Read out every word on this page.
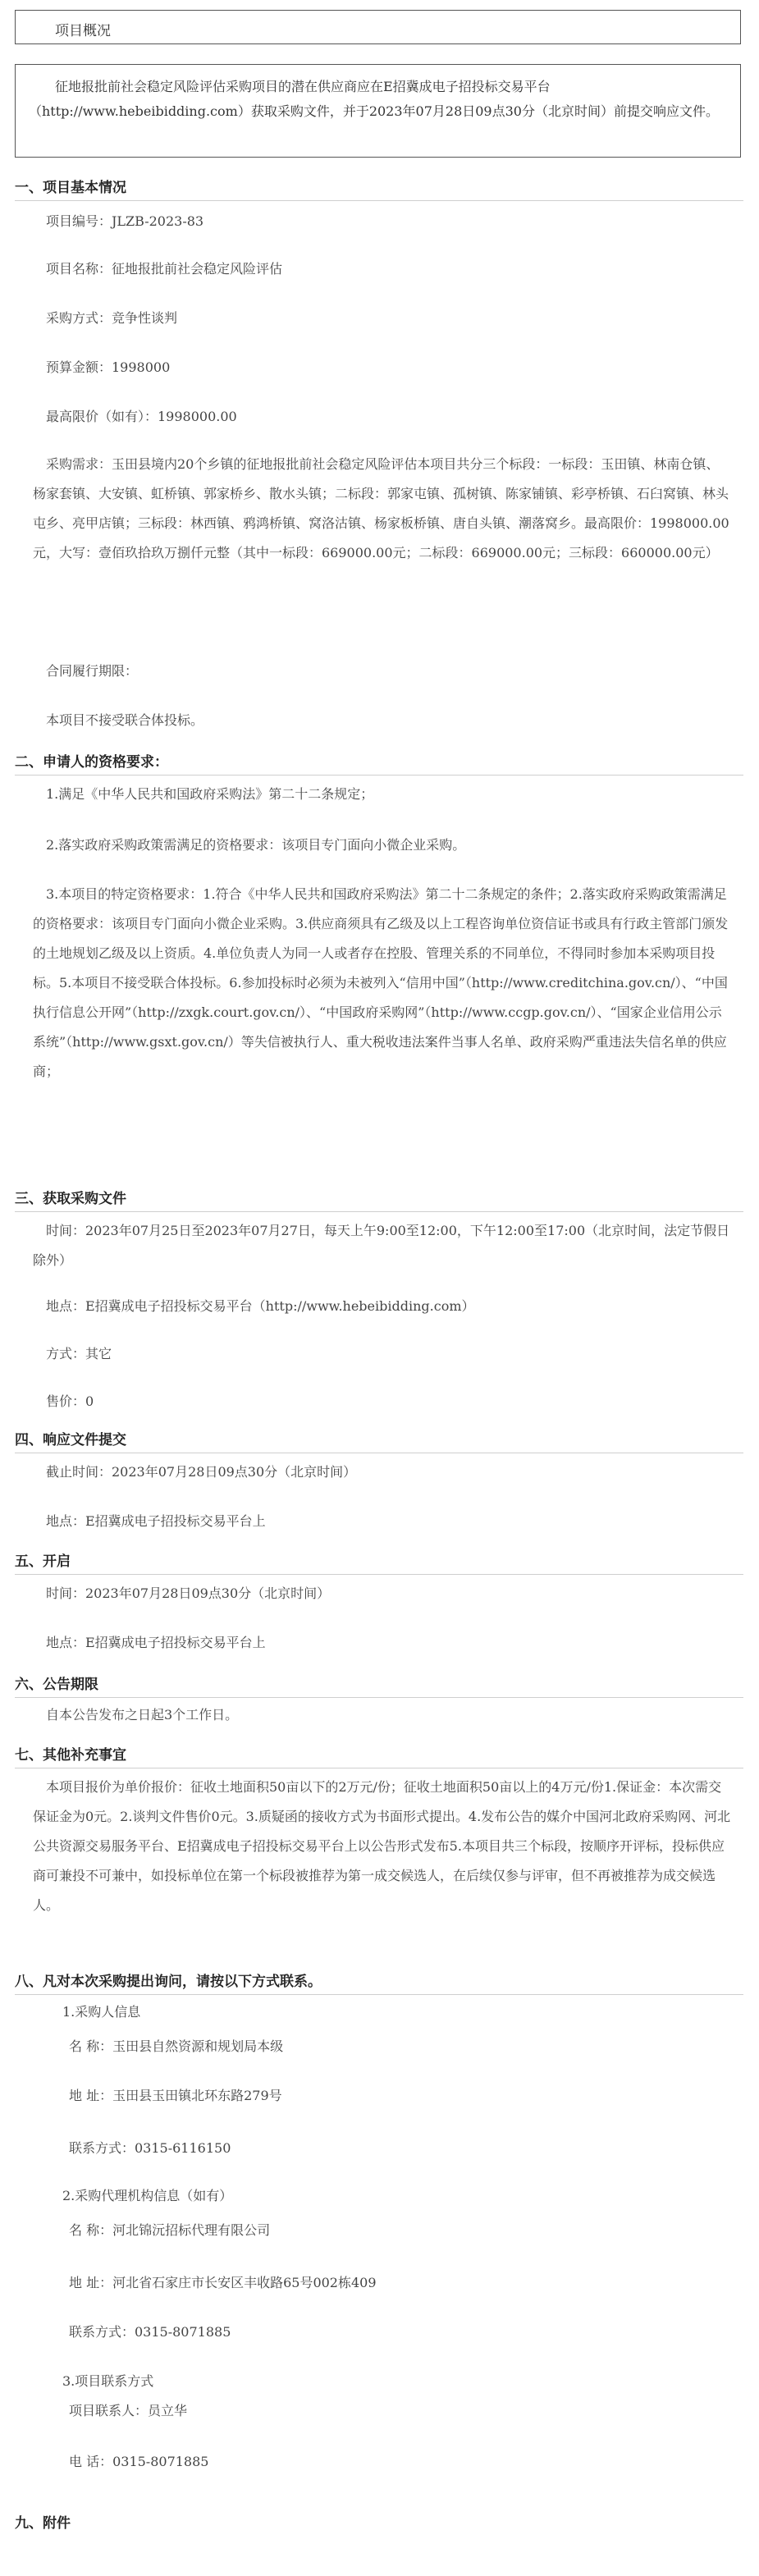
项目概况

征地报批前社会稳定风险评估采购项目的潜在供应商应在E招冀成电子招投标交易平台（http://www.hebeibidding.com）获取采购文件，并于2023年07月28日09点30分（北京时间）前提交响应文件。

一、项目基本情况

项目编号：JLZB-2023-83

项目名称：征地报批前社会稳定风险评估

采购方式：竞争性谈判

预算金额：1998000

最高限价（如有）：1998000.00

采购需求：玉田县境内20个乡镇的征地报批前社会稳定风险评估本项目共分三个标段：一标段：玉田镇、林南仓镇、杨家套镇、大安镇、虹桥镇、郭家桥乡、散水头镇；二标段：郭家屯镇、孤树镇、陈家铺镇、彩亭桥镇、石臼窝镇、林头屯乡、亮甲店镇；三标段：林西镇、鸦鸿桥镇、窝洛沽镇、杨家板桥镇、唐自头镇、潮落窝乡。最高限价：1998000.00元，大写：壹佰玖拾玖万捌仟元整（其中一标段：669000.00元；二标段：669000.00元；三标段：660000.00元）

合同履行期限：

本项目不接受联合体投标。

二、申请人的资格要求：

1.满足《中华人民共和国政府采购法》第二十二条规定；

2.落实政府采购政策需满足的资格要求：该项目专门面向小微企业采购。

3.本项目的特定资格要求：1.符合《中华人民共和国政府采购法》第二十二条规定的条件；2.落实政府采购政策需满足的资格要求：该项目专门面向小微企业采购。3.供应商须具有乙级及以上工程咨询单位资信证书或具有行政主管部门颁发的土地规划乙级及以上资质。4.单位负责人为同一人或者存在控股、管理关系的不同单位，不得同时参加本采购项目投标。5.本项目不接受联合体投标。6.参加投标时必须为未被列入“信用中国”（http://www.creditchina.gov.cn/）、“中国执行信息公开网”（http://zxgk.court.gov.cn/）、“中国政府采购网”（http://www.ccgp.gov.cn/）、“国家企业信用公示系统”（http://www.gsxt.gov.cn/）等失信被执行人、重大税收违法案件当事人名单、政府采购严重违法失信名单的供应商；

三、获取采购文件

时间：2023年07月25日至2023年07月27日，每天上午9:00至12:00，下午12:00至17:00（北京时间，法定节假日除外）

地点：E招冀成电子招投标交易平台（http://www.hebeibidding.com）

方式：其它

售价：0

四、响应文件提交

截止时间：2023年07月28日09点30分（北京时间）

地点：E招冀成电子招投标交易平台上

五、开启

时间：2023年07月28日09点30分（北京时间）

地点：E招冀成电子招投标交易平台上

六、公告期限

自本公告发布之日起3个工作日。

七、其他补充事宜

本项目报价为单价报价：征收土地面积50亩以下的2万元/份；征收土地面积50亩以上的4万元/份1.保证金：本次需交保证金为0元。2.谈判文件售价0元。3.质疑函的接收方式为书面形式提出。4.发布公告的媒介中国河北政府采购网、河北公共资源交易服务平台、E招冀成电子招投标交易平台上以公告形式发布5.本项目共三个标段，按顺序开评标，投标供应商可兼投不可兼中，如投标单位在第一个标段被推荐为第一成交候选人，在后续仅参与评审，但不再被推荐为成交候选人。

八、凡对本次采购提出询问，请按以下方式联系。
1.采购人信息
名 称：玉田县自然资源和规划局本级
地 址：玉田县玉田镇北环东路279号
联系方式：0315-6116150
2.采购代理机构信息（如有）
名 称：河北锦沅招标代理有限公司
地 址：河北省石家庄市长安区丰收路65号002栋409
联系方式：0315-8071885
3.项目联系方式
项目联系人：员立华
电 话：0315-8071885
九、附件
